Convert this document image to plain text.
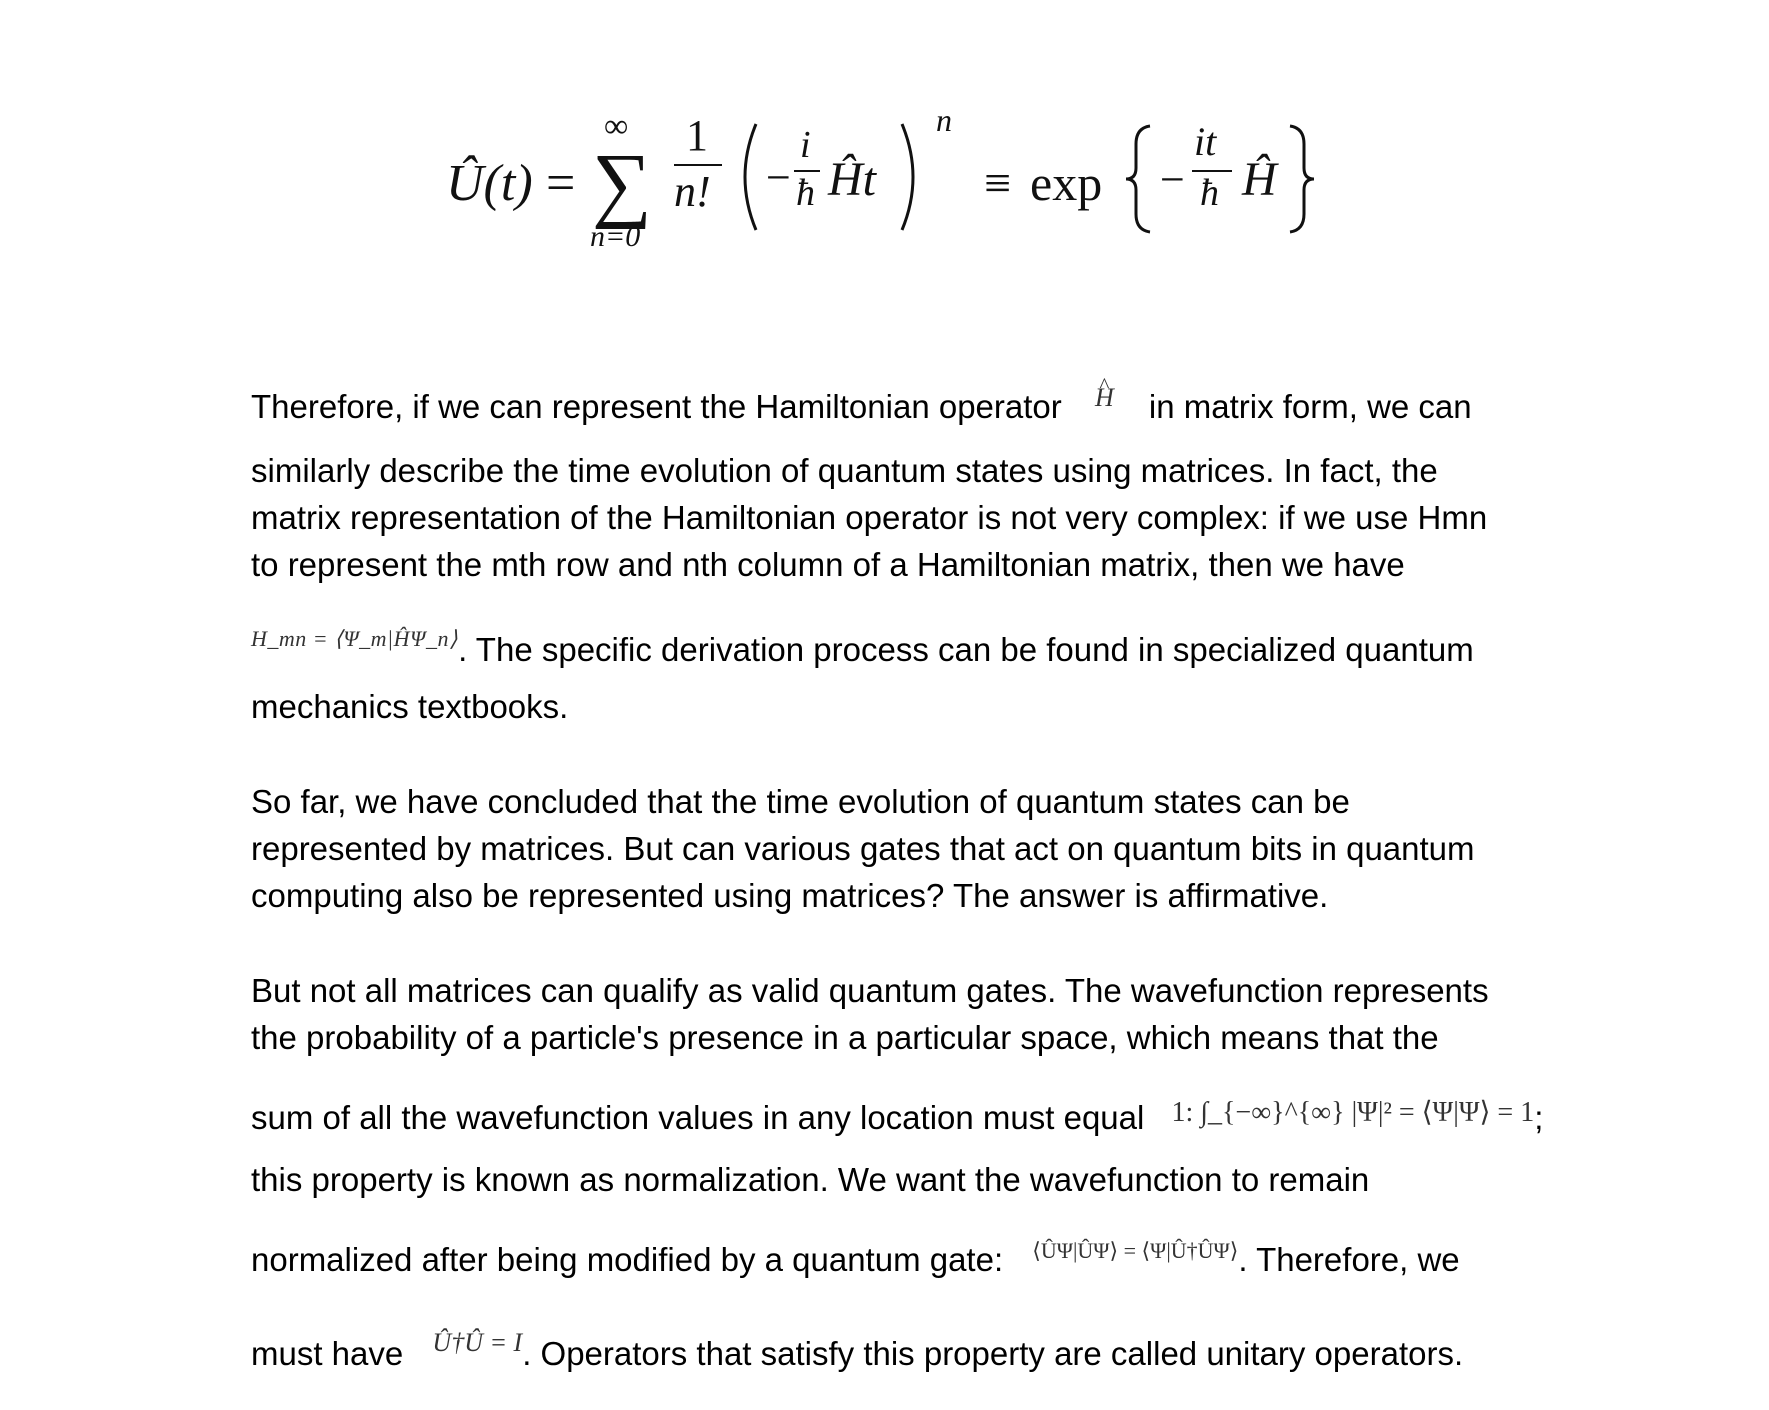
Û(t) =
∞
∑
n=0
1
n! −
i
ħ Ĥt
n
≡ exp −
it
ħ Ĥ
Therefore, if we can represent the Hamiltonian operator ^ H in matrix form, we can
similarly describe the time evolution of quantum states using matrices. In fact, the
matrix representation of the Hamiltonian operator is not very complex: if we use Hmn
to represent the mth row and nth column of a Hamiltonian matrix, then we have
H_mn = ⟨Ψ_m|ĤΨ_n⟩. The specific derivation process can be found in specialized quantum
mechanics textbooks.
So far, we have concluded that the time evolution of quantum states can be
represented by matrices. But can various gates that act on quantum bits in quantum
computing also be represented using matrices? The answer is affirmative.
But not all matrices can qualify as valid quantum gates. The wavefunction represents
the probability of a particle's presence in a particular space, which means that the
sum of all the wavefunction values in any location must equal 1: ∫_{−∞}^{∞} |Ψ|² = ⟨Ψ|Ψ⟩ = 1;
this property is known as normalization. We want the wavefunction to remain
normalized after being modified by a quantum gate: ⟨ÛΨ|ÛΨ⟩ = ⟨Ψ|Û†ÛΨ⟩. Therefore, we
must have Û†Û = I. Operators that satisfy this property are called unitary operators.
